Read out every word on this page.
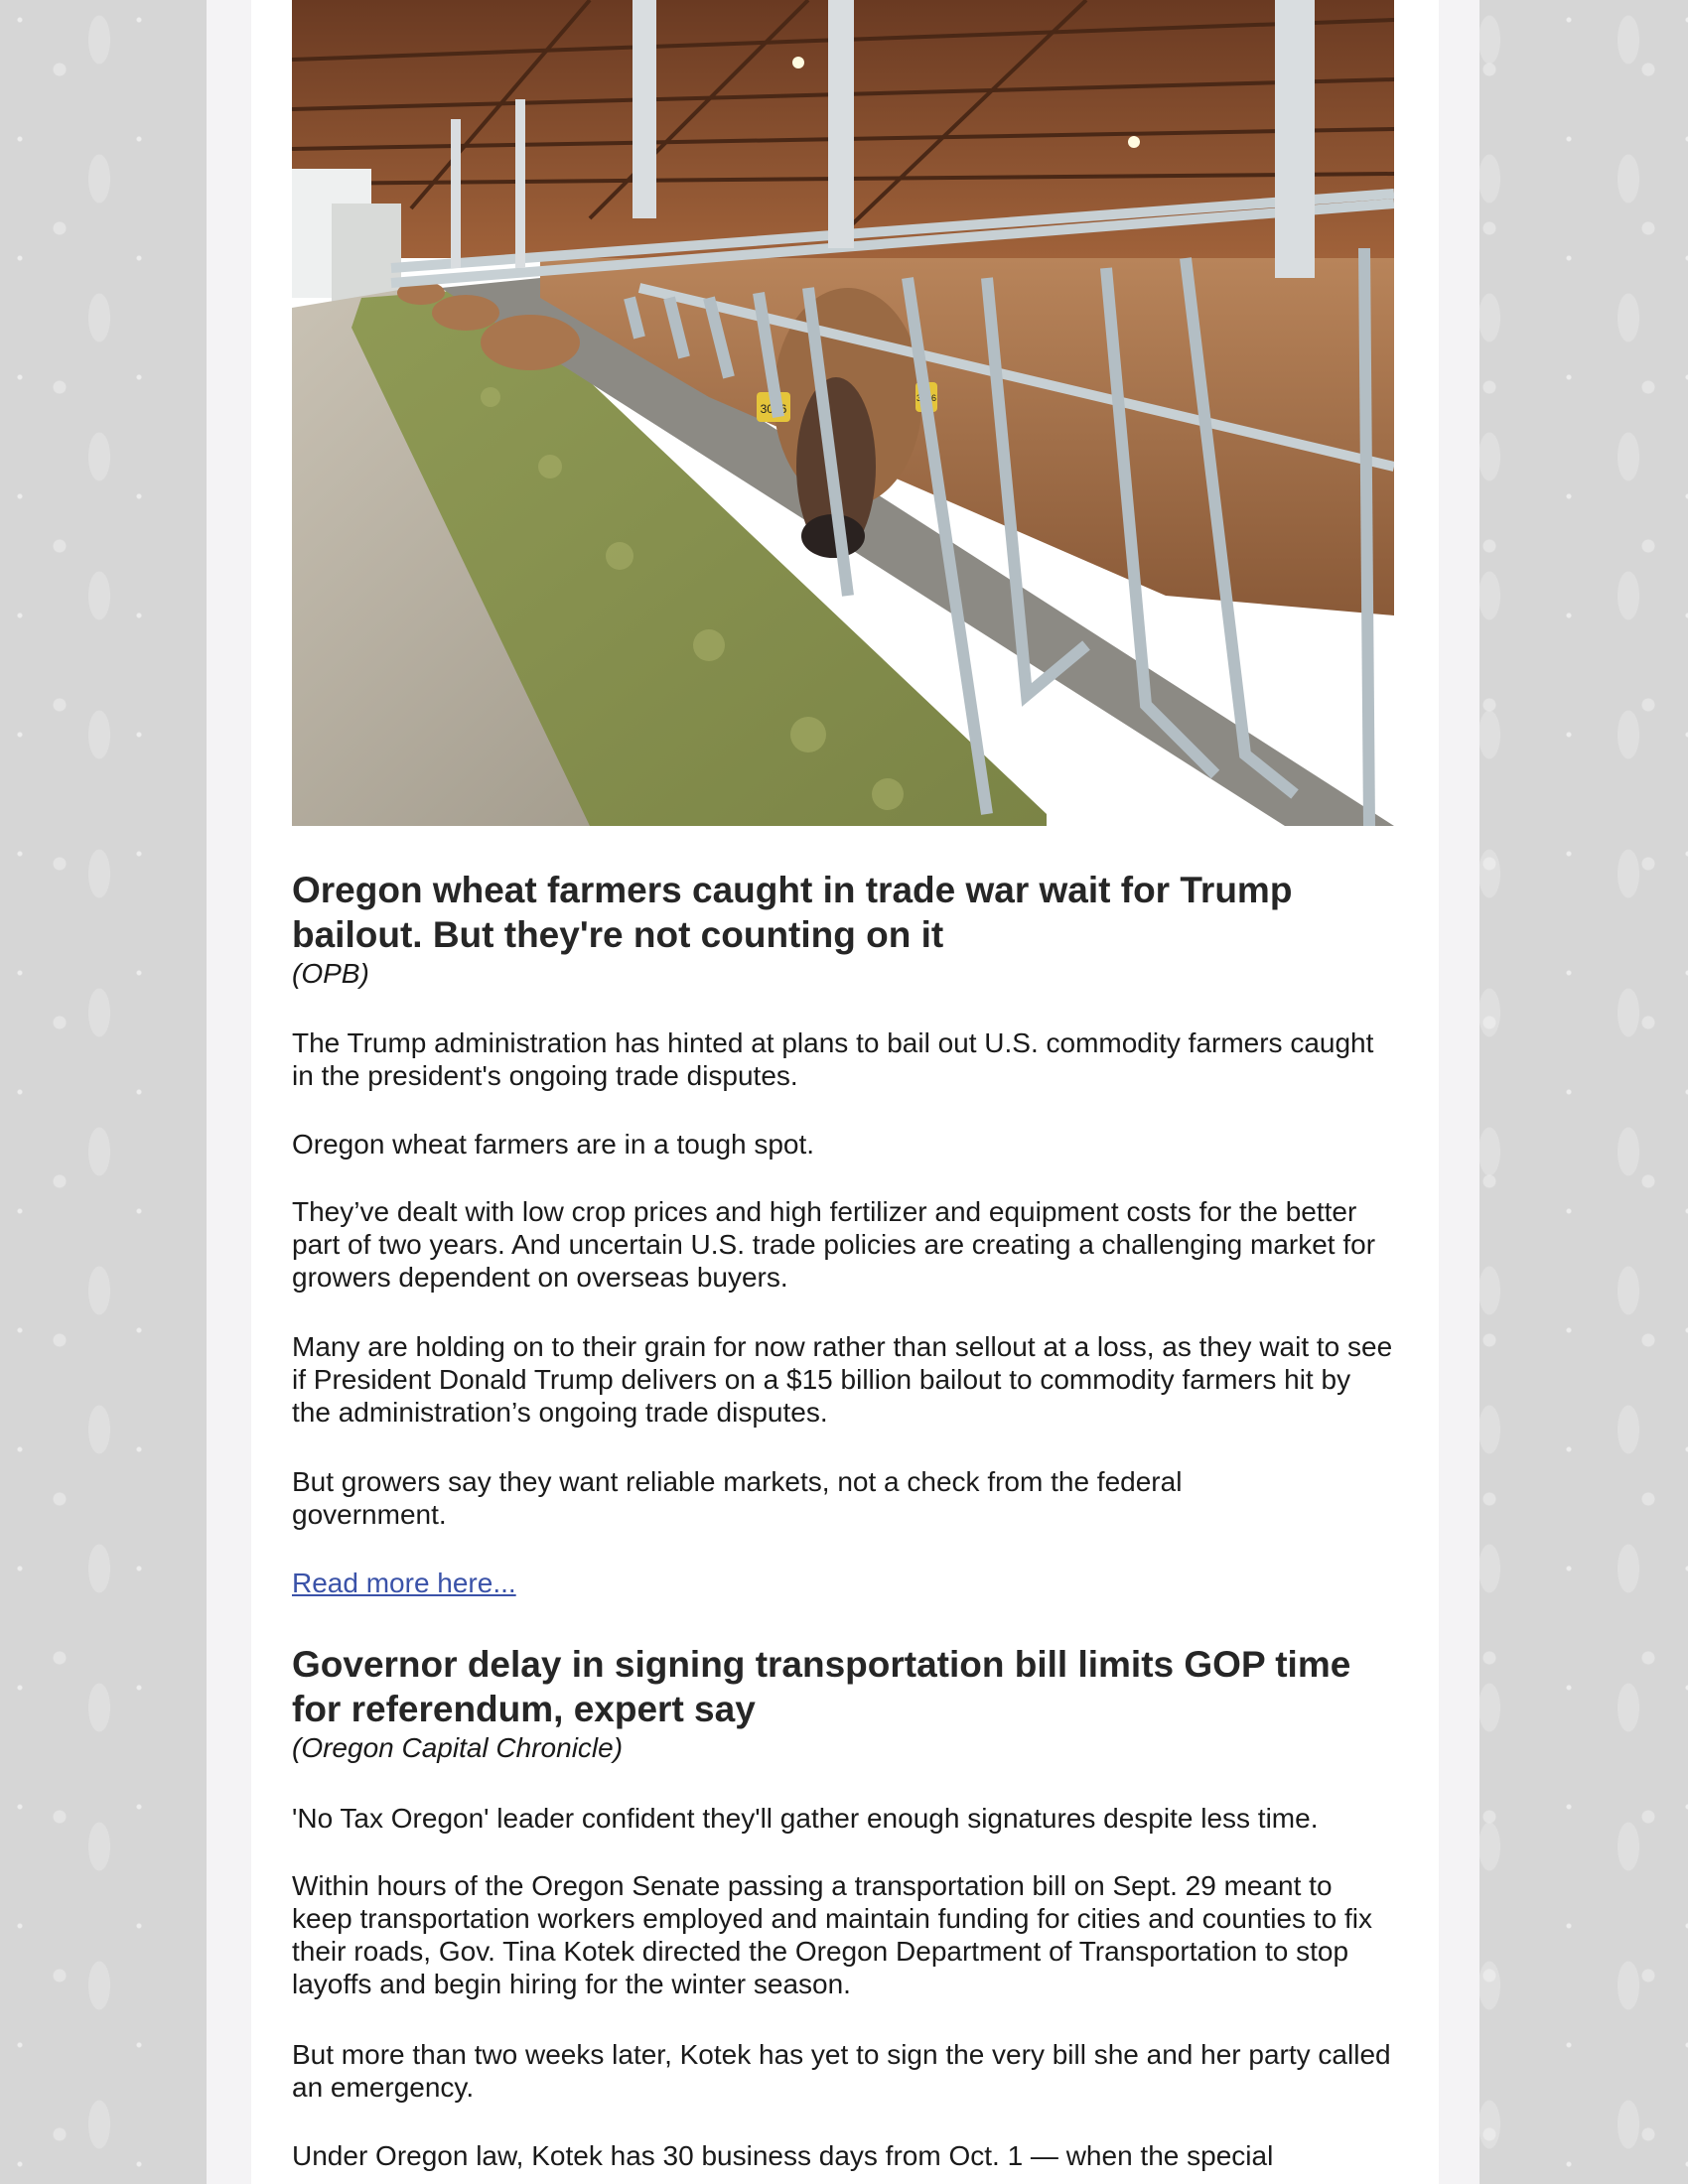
3086
3086
Oregon wheat farmers caught in trade war wait for Trump bailout. But they're not counting on it
(OPB)

The Trump administration has hinted at plans to bail out U.S. commodity farmers caught in the president's ongoing trade disputes.

Oregon wheat farmers are in a tough spot.

They’ve dealt with low crop prices and high fertilizer and equipment costs for the better part of two years. And uncertain U.S. trade policies are creating a challenging market for growers dependent on overseas buyers.

Many are holding on to their grain for now rather than sellout at a loss, as they wait to see if President Donald Trump delivers on a $15 billion bailout to commodity farmers hit by the administration’s ongoing trade disputes.

But growers say they want reliable markets, not a check from the federal government.

Read more here...
Governor delay in signing transportation bill limits GOP time for referendum, expert say
(Oregon Capital Chronicle)

'No Tax Oregon' leader confident they'll gather enough signatures despite less time.

Within hours of the Oregon Senate passing a transportation bill on Sept. 29 meant to keep transportation workers employed and maintain funding for cities and counties to fix their roads, Gov. Tina Kotek directed the Oregon Department of Transportation to stop layoffs and begin hiring for the winter season.

But more than two weeks later, Kotek has yet to sign the very bill she and her party called an emergency.

Under Oregon law, Kotek has 30 business days from Oct. 1 — when the special
